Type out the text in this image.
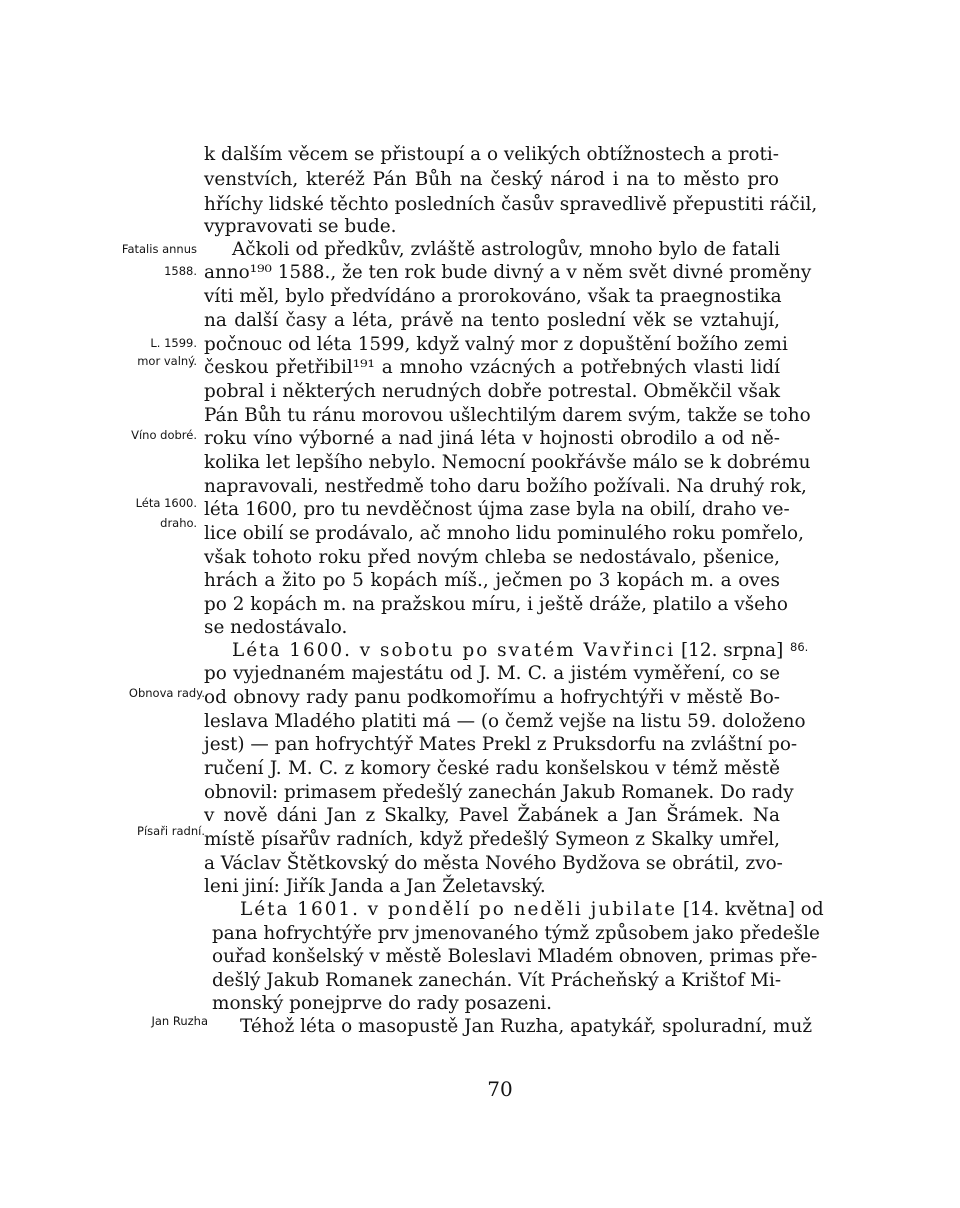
k dalším věcem se přistoupí a o veliký́ch obtížnostech a proti-
venstvích, kteréž Pán Bůh na český́ národ i na to město pro
hříchy lidské těchto posledních časův spravedlivě přepustiti ráčil,
vypravovati se bude.
Ačkoli od předkův, zvláště astrologův, mnoho bylo de fatali
anno¹⁹⁰ 1588., že ten rok bude divný a v něm svět divné proměny
víti měl, bylo předvídáno a prorokováno, však ta praegnostika
na další časy a léta, právě na tento poslední věk se vztahují,
počnouc od léta 1599, když valný mor z dopuštění božího zemi
českou přetřibil¹⁹¹ a mnoho vzácných a potřebných vlasti lidí
pobral i některých nerudných dobře potrestal. Obměkčil však
Pán Bůh tu ránu morovou ušlechtilým darem svým, takže se toho
roku víno výborné a nad jiná léta v hojnosti obrodilo a od ně-
kolika let lepšího nebylo. Nemocní pookřávše málo se k dobrému
napravovali, nestředmě toho daru božího požívali. Na druhý rok,
léta 1600, pro tu nevděčnost újma zase byla na obilí, draho ve-
lice obilí se prodávalo, ač mnoho lidu pominulého roku pomřelo,
však tohoto roku před novým chleba se nedostávalo, pšenice,
hrách a žito po 5 kopách míš., ječmen po 3 kopách m. a oves
po 2 kopách m. na pražskou míru, i ještě dráže, platilo a všeho
se nedostávalo.
Léta 1600. v sobotu po svatém Vavřinci [12. srpna]
po vyjednaném majestátu od J. M. C. a jistém vyměření, co se
od obnovy rady panu podkomořímu a hofrychtýři v městě Bo-
leslava Mladého platiti má — (o čemž vejše na listu 59. doloženo
jest) — pan hofrychtýř Mates Prekl z Pruksdorfu na zvláštní po-
ručení J. M. C. z komory české radu konšelskou v témž městě
obnovil: primasem předešlý zanechán Jakub Romanek. Do rady
v nově dáni Jan z Skalky, Pavel Žabánek a Jan Šrámek. Na
místě písařův radních, když předešlý Symeon z Skalky umřel,
a Václav Štětkovský do města Nového Bydžova se obrátil, zvo-
leni jiní: Jiřík Janda a Jan Želetavský.
Léta 1601. v pondělí po neděli jubilate [14. května] od
pana hofrychtýře prv jmenovaného týmž způsobem jako předešle
ouřad konšelský v městě Boleslavi Mladém obnoven, primas pře-
dešlý Jakub Romanek zanechán. Vít Prácheňský a Krištof Mi-
monský ponejprve do rady posazeni.
Téhož léta o masopustě Jan Ruzha, apatykář, spoluradní, muž
Fatalis annus
1588.
L. 1599.
mor valný.
Víno dobré.
Léta 1600.
draho.
Obnova rady.
Písaři radní.
Jan Ruzha
86.
70
